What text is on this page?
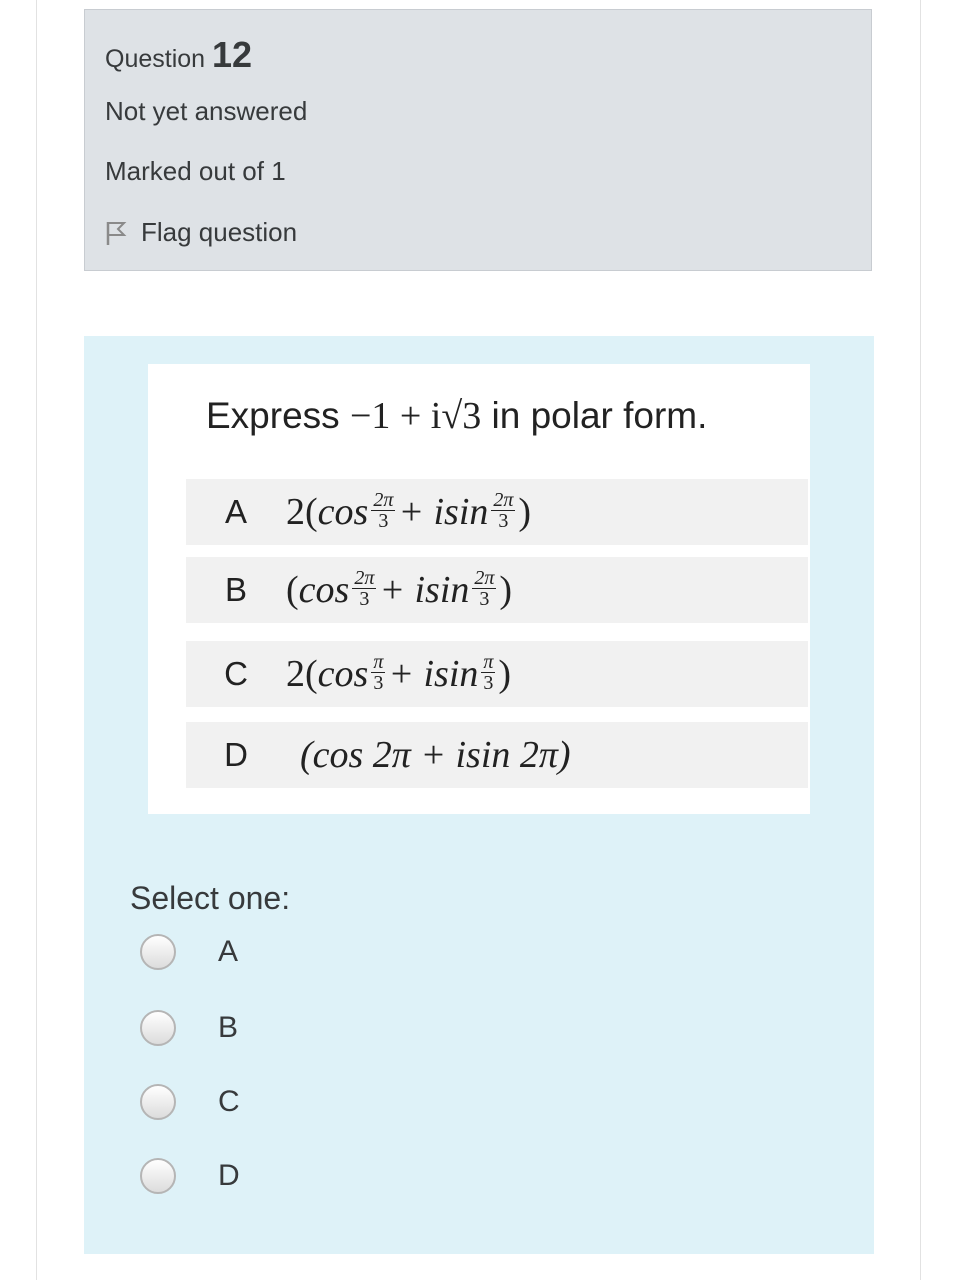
Question 12
Not yet answered
Marked out of 1
Flag question
Express −1 + i√3 in polar form.
A	2( $\cos \frac{2\pi}{3} + isin \frac{2\pi}{3}$ )
B	( $\cos \frac{2\pi}{3} + isin \frac{2\pi}{3}$ )
C	2( $\cos \frac{\pi}{3} + isin \frac{\pi}{3}$ )
D	(cos 2π + isin 2π)
Select one:
A
B
C
D
